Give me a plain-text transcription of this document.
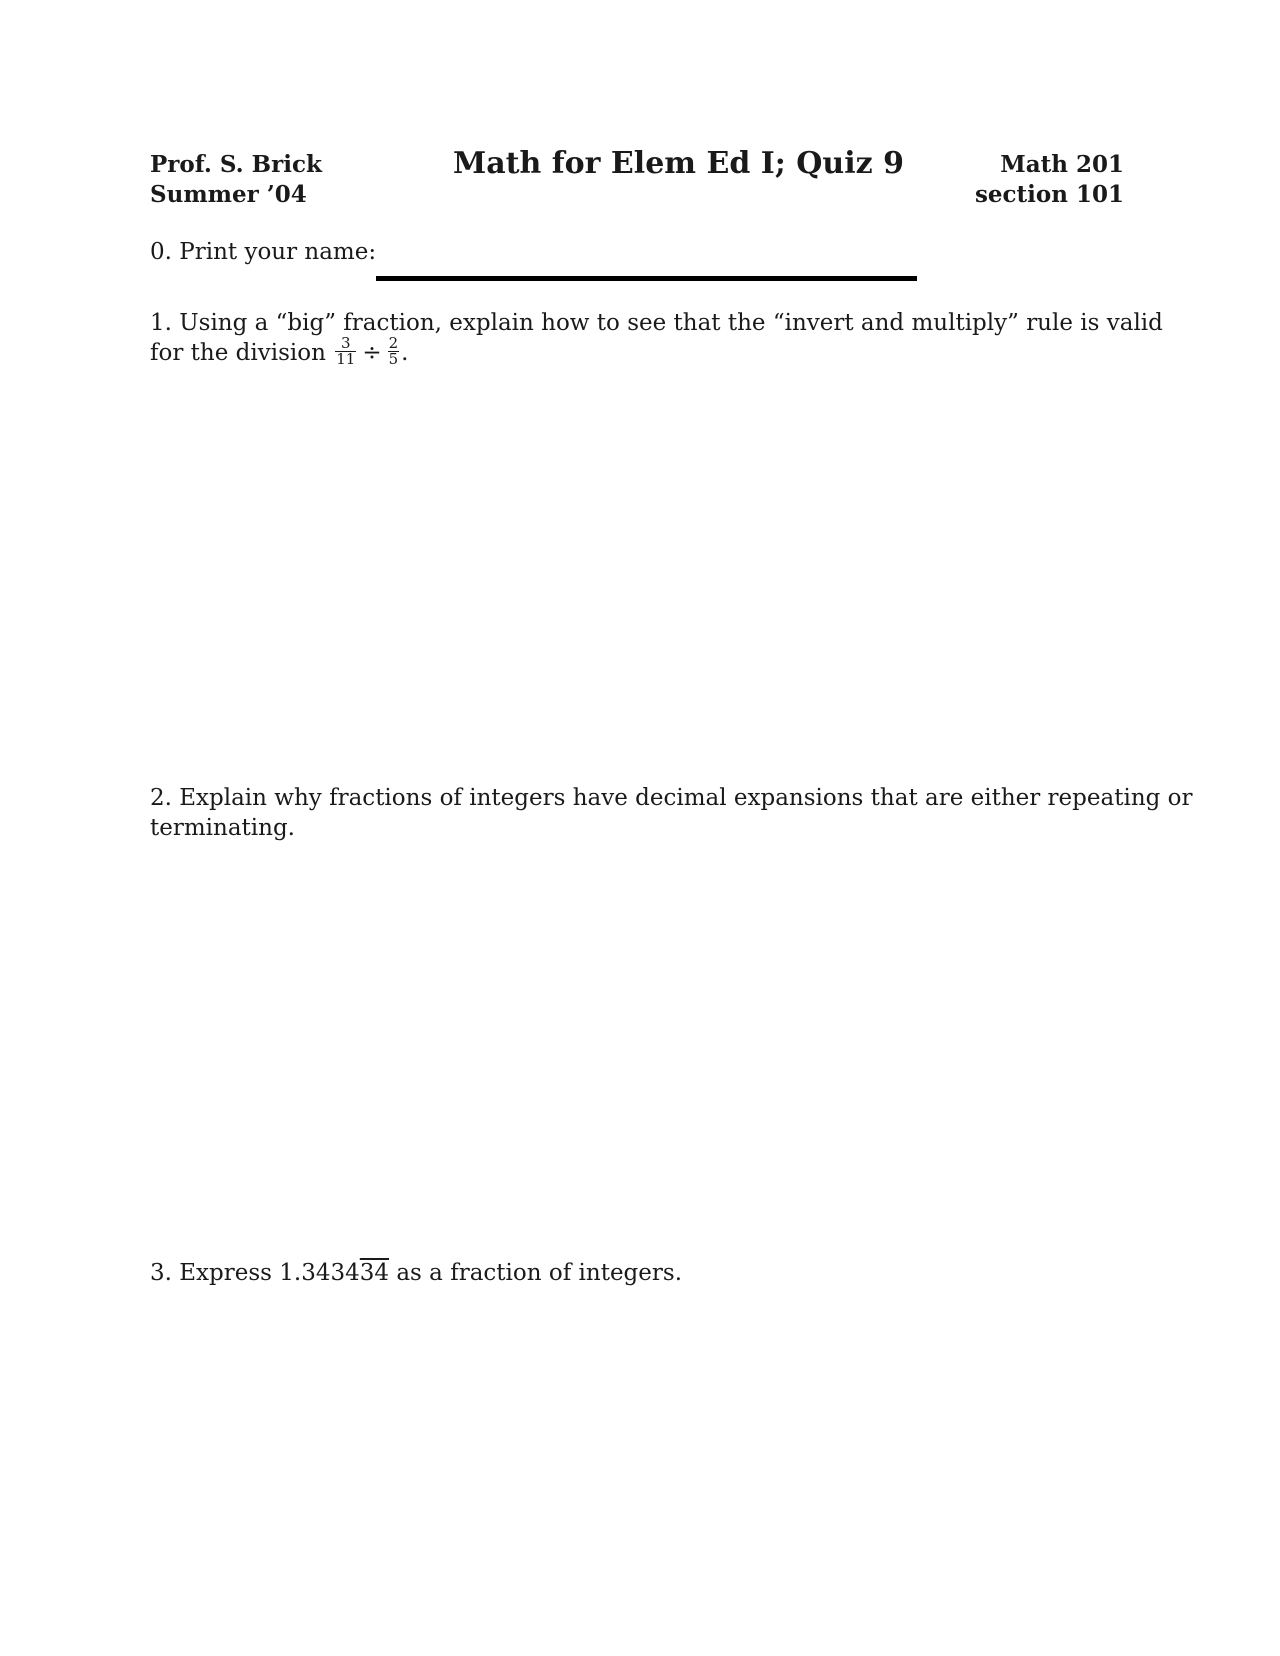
Prof. S. Brick
Summer ’04
Math for Elem Ed I; Quiz 9	Math 201
section 101
0. Print your name:
1. Using a “big” fraction, explain how to see that the “invert and multiply” rule is valid
for the division $\frac{3}{11} \div \frac{2}{5}$ .
2. Explain why fractions of integers have decimal expansions that are either repeating or
terminating.
3. Express 1.343434 as a fraction of integers.
